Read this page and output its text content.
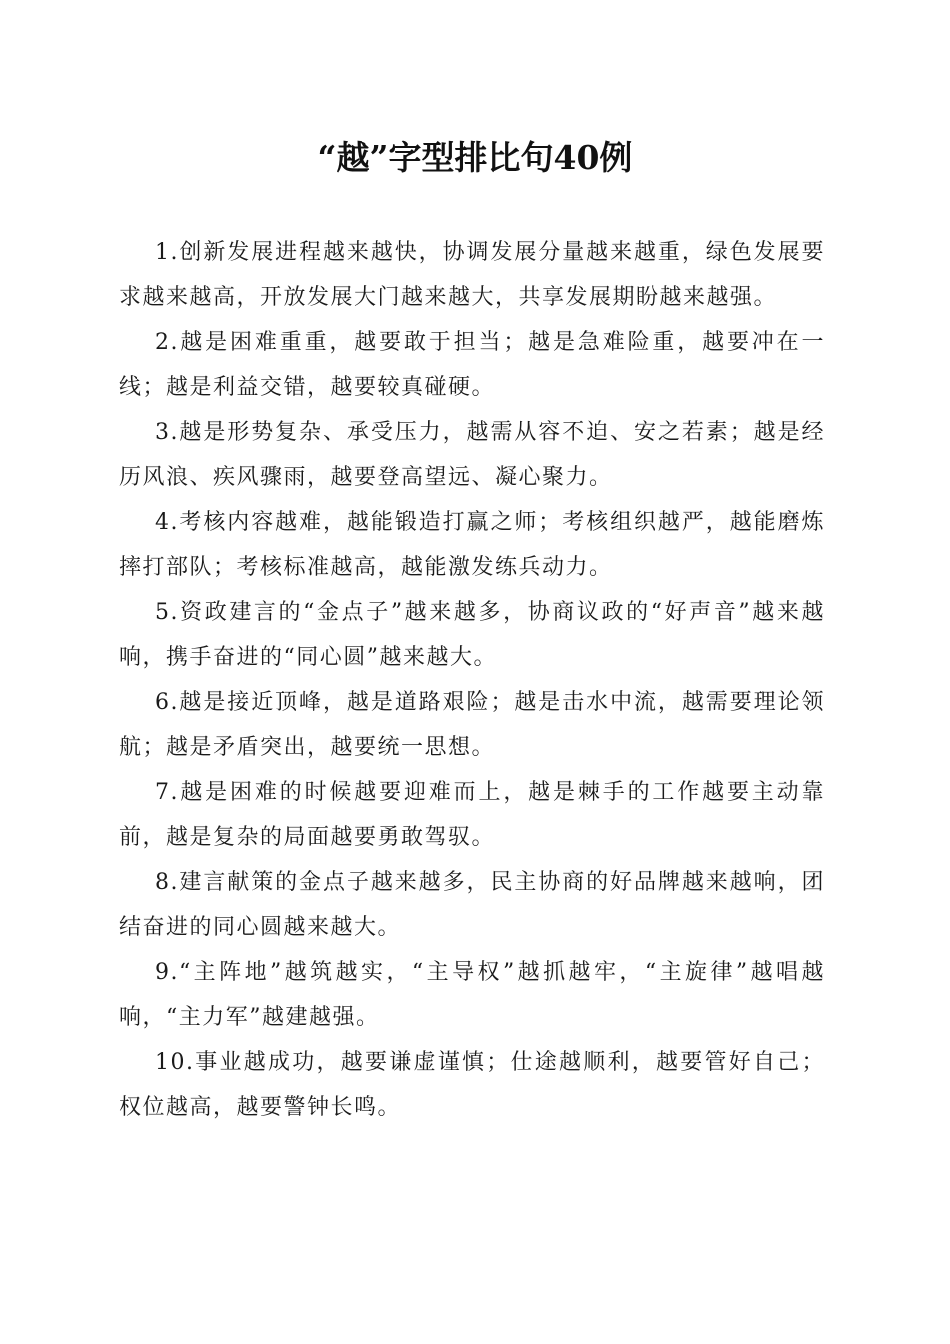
“越”字型排比句40例

1.创新发展进程越来越快，协调发展分量越来越重，绿色发展要求越来越高，开放发展大门越来越大，共享发展期盼越来越强。

2.越是困难重重，越要敢于担当；越是急难险重，越要冲在一线；越是利益交错，越要较真碰硬。

3.越是形势复杂、承受压力，越需从容不迫、安之若素；越是经历风浪、疾风骤雨，越要登高望远、凝心聚力。

4.考核内容越难，越能锻造打赢之师；考核组织越严，越能磨炼摔打部队；考核标准越高，越能激发练兵动力。

5.资政建言的“金点子”越来越多，协商议政的“好声音”越来越响，携手奋进的“同心圆”越来越大。

6.越是接近顶峰，越是道路艰险；越是击水中流，越需要理论领航；越是矛盾突出，越要统一思想。

7.越是困难的时候越要迎难而上，越是棘手的工作越要主动靠前，越是复杂的局面越要勇敢驾驭。

8.建言献策的金点子越来越多，民主协商的好品牌越来越响，团结奋进的同心圆越来越大。

9.“主阵地”越筑越实，“主导权”越抓越牢，“主旋律”越唱越响，“主力军”越建越强。

10.事业越成功，越要谦虚谨慎；仕途越顺利，越要管好自己；权位越高，越要警钟长鸣。
